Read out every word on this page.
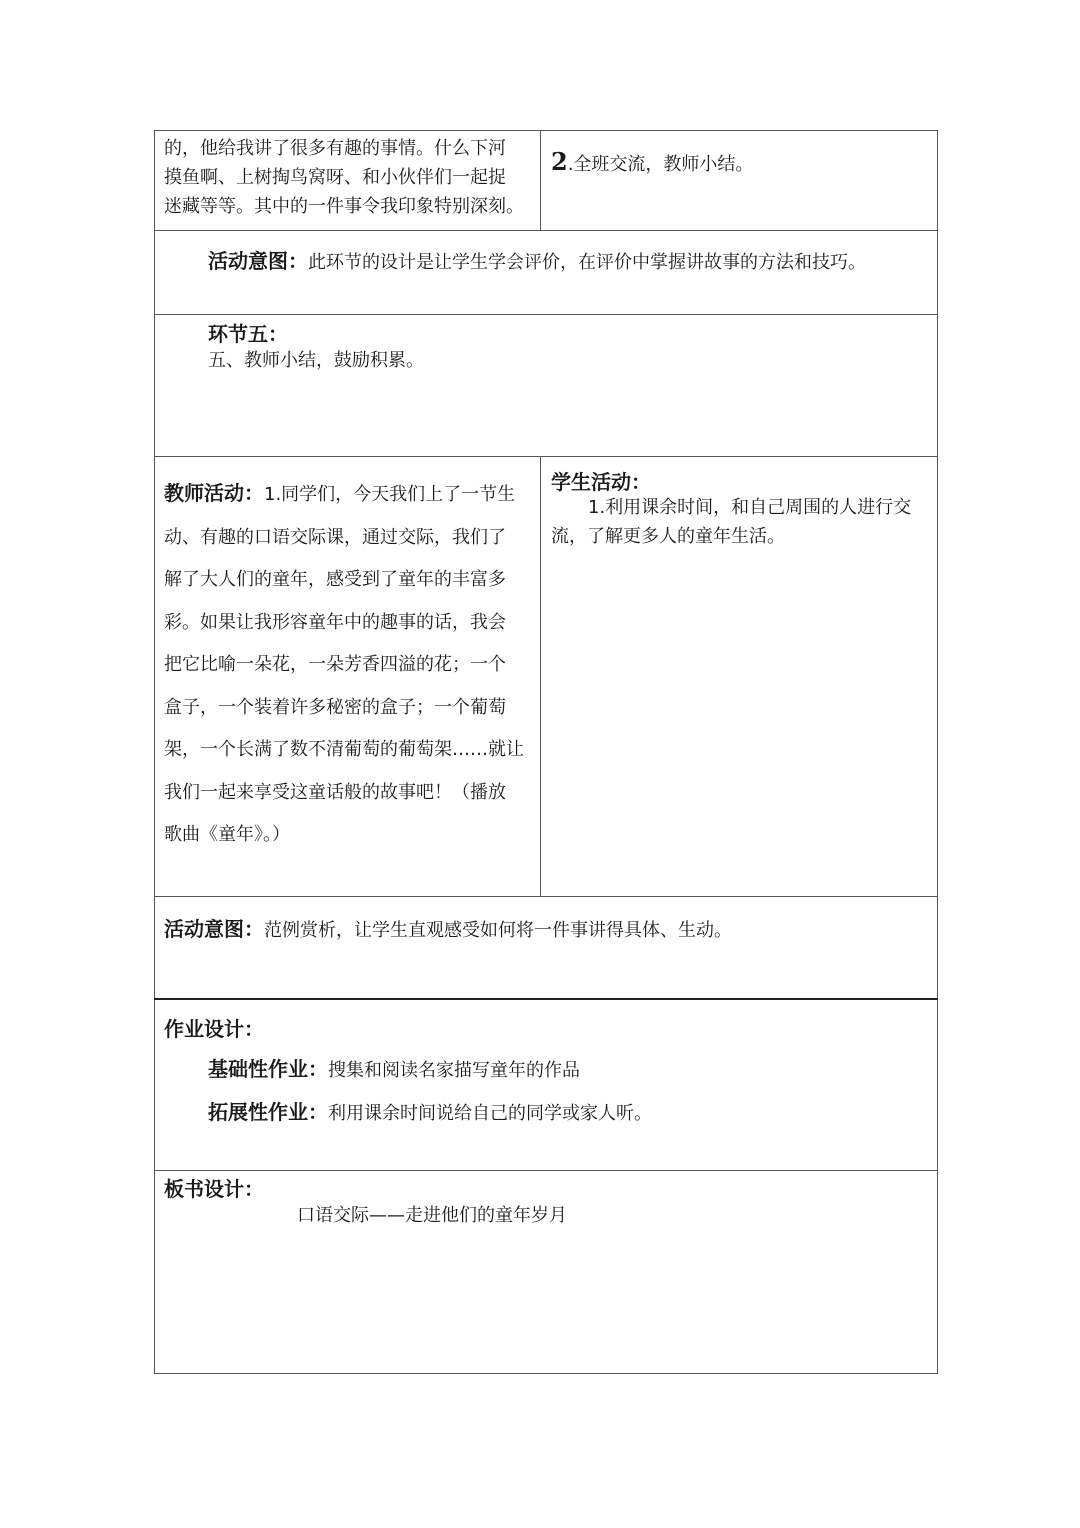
的，他给我讲了很多有趣的事情。什么下河
摸鱼啊、上树掏鸟窝呀、和小伙伴们一起捉
迷藏等等。其中的一件事令我印象特别深刻。
2.全班交流，教师小结。
活动意图：此环节的设计是让学生学会评价，在评价中掌握讲故事的方法和技巧。
环节五：
五、教师小结，鼓励积累。
教师活动：1.同学们，今天我们上了一节生
动、有趣的口语交际课，通过交际，我们了
解了大人们的童年，感受到了童年的丰富多
彩。如果让我形容童年中的趣事的话，我会
把它比喻一朵花，一朵芳香四溢的花；一个
盒子，一个装着许多秘密的盒子；一个葡萄
架，一个长满了数不清葡萄的葡萄架……就让
我们一起来享受这童话般的故事吧！（播放
歌曲《童年》。）
学生活动：
1.利用课余时间，和自己周围的人进行交
流，了解更多人的童年生活。
活动意图：范例赏析，让学生直观感受如何将一件事讲得具体、生动。
作业设计：
基础性作业：搜集和阅读名家描写童年的作品
拓展性作业：利用课余时间说给自己的同学或家人听。
板书设计：
口语交际——走进他们的童年岁月
